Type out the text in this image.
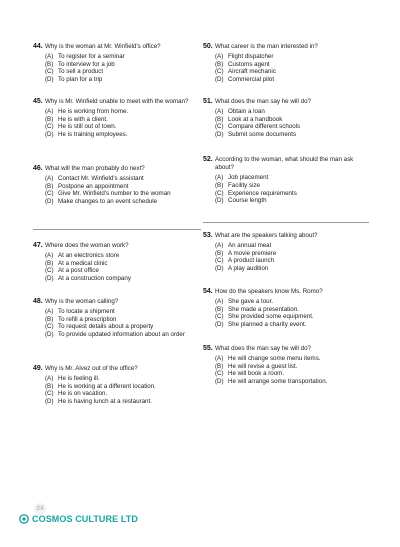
44. Why is the woman at Mr. Winfield's office?
(A) To register for a seminar
(B) To interview for a job
(C) To sell a product
(D) To plan for a trip
45. Why is Mr. Winfield unable to meet with the woman?
(A) He is working from home.
(B) He is with a client.
(C) He is still out of town.
(D) He is training employees.
46. What will the man probably do next?
(A) Contact Mr. Winfield's assistant
(B) Postpone an appointment
(C) Give Mr. Winfield's number to the woman
(D) Make changes to an event schedule
47. Where does the woman work?
(A) At an electronics store
(B) At a medical clinic
(C) At a post office
(D) At a construction company
48. Why is the woman calling?
(A) To locate a shipment
(B) To refill a prescription
(C) To request details about a property
(D) To provide updated information about an order
49. Why is Mr. Alvez out of the office?
(A) He is feeling ill.
(B) He is working at a different location.
(C) He is on vacation.
(D) He is having lunch at a restaurant.
50. What career is the man interested in?
(A) Flight dispatcher
(B) Customs agent
(C) Aircraft mechanic
(D) Commercial pilot
51. What does the man say he will do?
(A) Obtain a loan
(B) Look at a handbook
(C) Compare different schools
(D) Submit some documents
52. According to the woman, what should the man ask about?
(A) Job placement
(B) Facility size
(C) Experience requirements
(D) Course length
53. What are the speakers talking about?
(A) An annual meal
(B) A movie premiere
(C) A product launch
(D) A play audition
54. How do the speakers know Ms. Romo?
(A) She gave a tour.
(B) She made a presentation.
(C) She provided some equipment.
(D) She planned a charity event.
55. What does the man say he will do?
(A) He will change some menu items.
(B) He will revise a guest list.
(C) He will book a room.
(D) He will arrange some transportation.
24
COSMOS CULTURE LTD
